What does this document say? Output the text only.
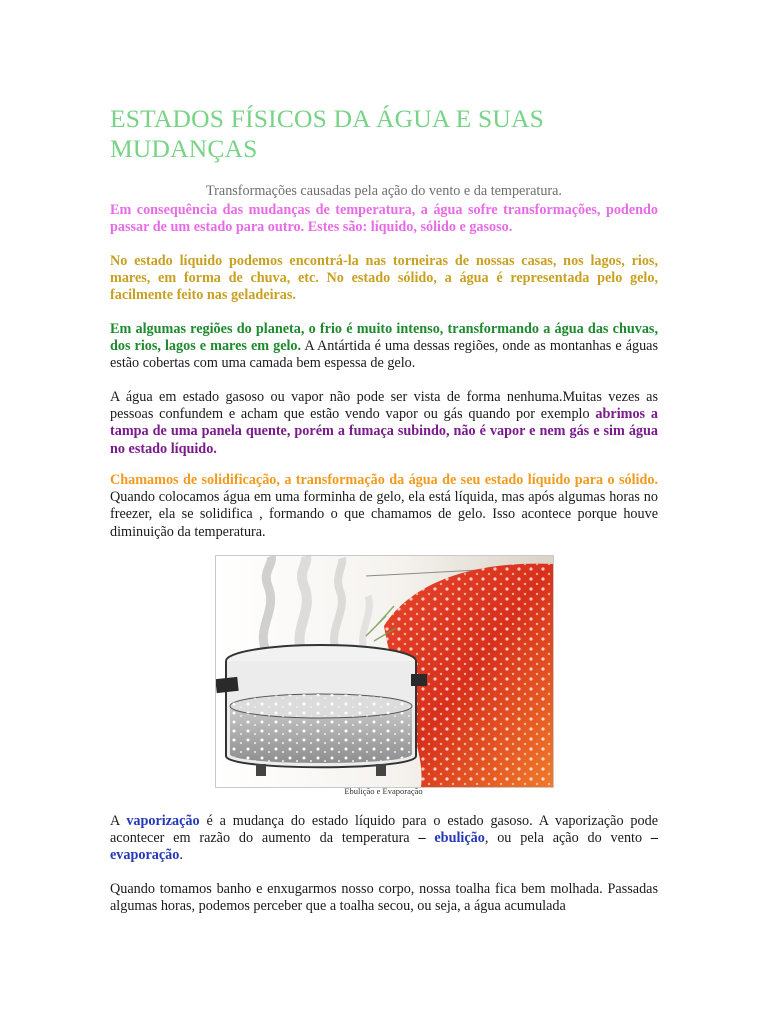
ESTADOS FÍSICOS DA ÁGUA E SUAS MUDANÇAS
Transformações causadas pela ação do vento e da temperatura.

Em consequência das mudanças de temperatura, a água sofre transformações, podendo passar de um estado para outro. Estes são: líquido, sólido e gasoso.

No estado líquido podemos encontrá-la nas torneiras de nossas casas, nos lagos, rios, mares, em forma de chuva, etc. No estado sólido, a água é representada pelo gelo, facilmente feito nas geladeiras.

Em algumas regiões do planeta, o frio é muito intenso, transformando a água das chuvas, dos rios, lagos e mares em gelo. A Antártida é uma dessas regiões, onde as montanhas e águas estão cobertas com uma camada bem espessa de gelo.

A água em estado gasoso ou vapor não pode ser vista de forma nenhuma.Muitas vezes as pessoas confundem e acham que estão vendo vapor ou gás quando por exemplo abrimos a tampa de uma panela quente, porém a fumaça subindo, não é vapor e nem gás e sim água no estado líquido.

Chamamos de solidificação, a transformação da água de seu estado líquido para o sólido. Quando colocamos água em uma forminha de gelo, ela está líquida, mas após algumas horas no freezer, ela se solidifica , formando o que chamamos de gelo. Isso acontece porque houve diminuição da temperatura.

Ebulição e Evaporação

A vaporização é a mudança do estado líquido para o estado gasoso. A vaporização pode acontecer em razão do aumento da temperatura – ebulição, ou pela ação do vento – evaporação.

Quando tomamos banho e enxugarmos nosso corpo, nossa toalha fica bem molhada. Passadas algumas horas, podemos perceber que a toalha secou, ou seja, a água acumulada
